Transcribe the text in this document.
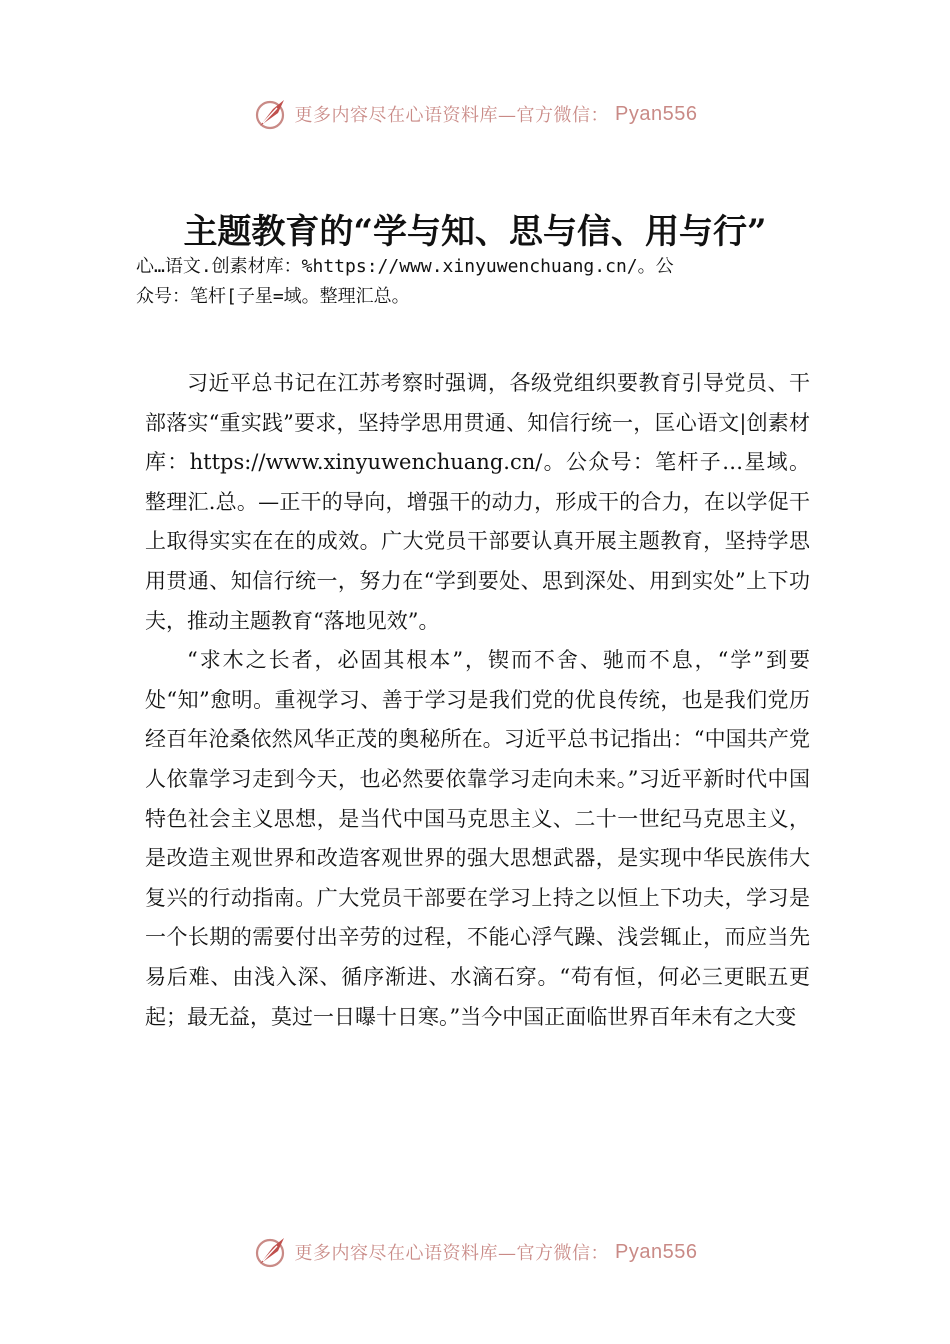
更多内容尽在心语资料库—官方微信： Pyan556
主题教育的“学与知、思与信、用与行”
心…语文.创素材库：%https://www.xinyuwenchuang.cn/。公
众号：笔杆[子星=域。整理汇总。

习近平总书记在江苏考察时强调，各级党组织要教育引导党员、干部落实“重实践”要求，坚持学思用贯通、知信行统一，匡心语文|创素材库：https://www.xinyuwenchuang.cn/。公众号：笔杆子…星域。整理汇.总。—正干的导向，增强干的动力，形成干的合力，在以学促干上取得实实在在的成效。广大党员干部要认真开展主题教育，坚持学思用贯通、知信行统一，努力在“学到要处、思到深处、用到实处”上下功夫，推动主题教育“落地见效”。

“求木之长者，必固其根本”，锲而不舍、驰而不息，“学”到要处“知”愈明。重视学习、善于学习是我们党的优良传统，也是我们党历经百年沧桑依然风华正茂的奥秘所在。习近平总书记指出：“中国共产党人依靠学习走到今天，也必然要依靠学习走向未来。”习近平新时代中国特色社会主义思想，是当代中国马克思主义、二十一世纪马克思主义，是改造主观世界和改造客观世界的强大思想武器，是实现中华民族伟大复兴的行动指南。广大党员干部要在学习上持之以恒上下功夫，学习是一个长期的需要付出辛劳的过程，不能心浮气躁、浅尝辄止，而应当先易后难、由浅入深、循序渐进、水滴石穿。“苟有恒，何必三更眠五更起；最无益，莫过一日曝十日寒。”当今中国正面临世界百年未有之大变

更多内容尽在心语资料库—官方微信： Pyan556
